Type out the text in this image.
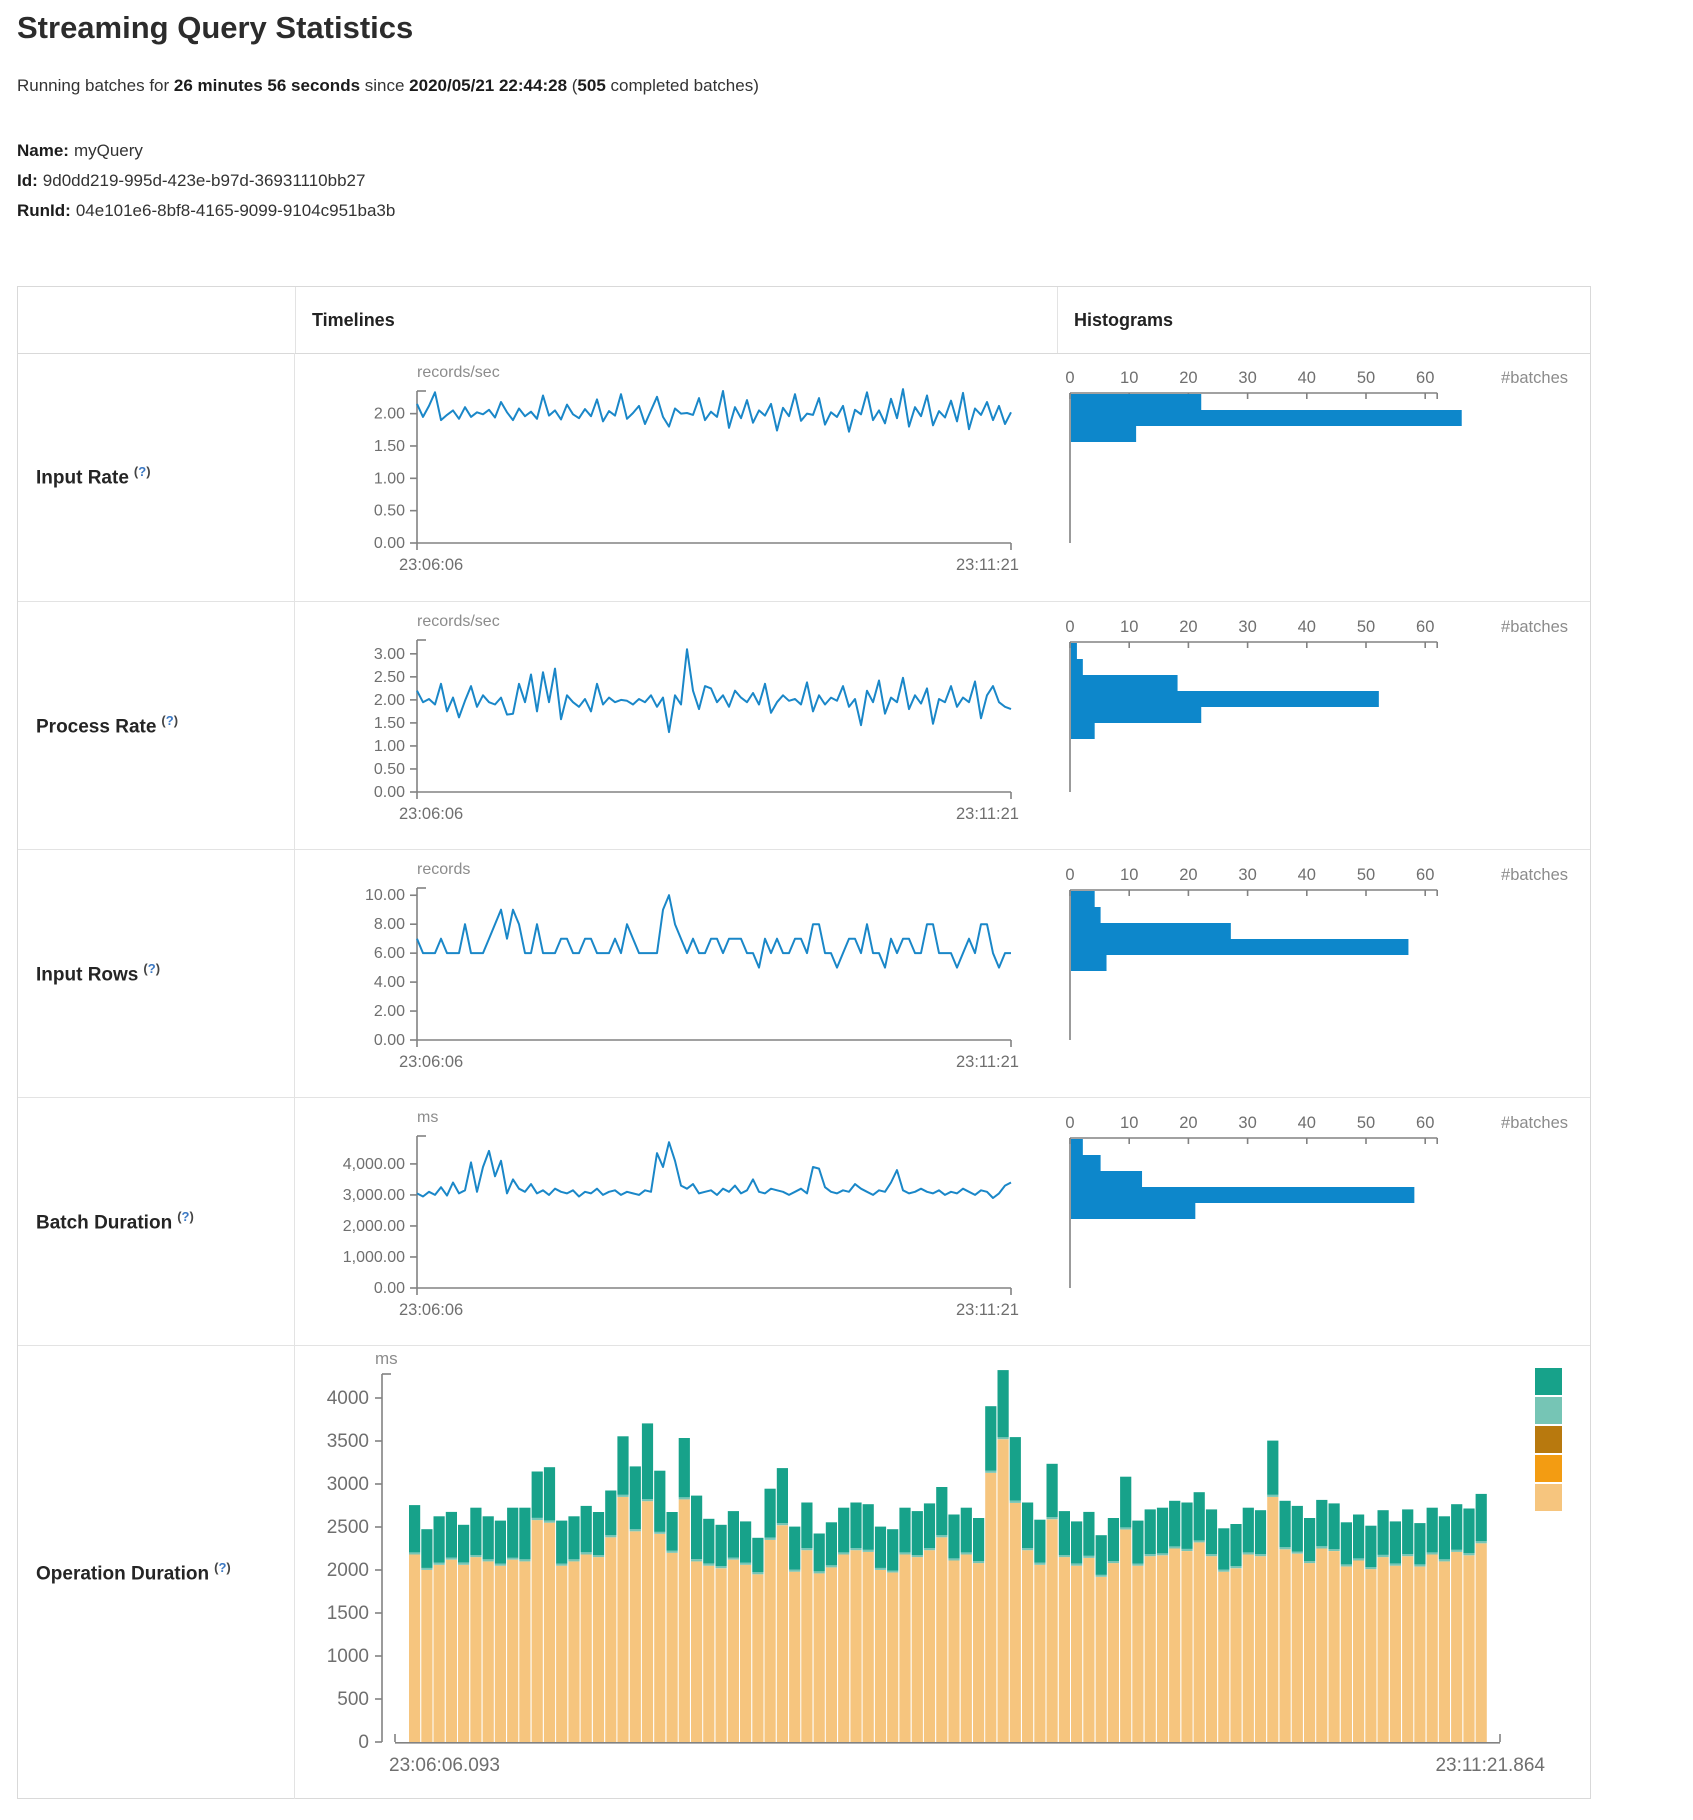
Streaming Query Statistics

Running batches for 26 minutes 56 seconds since 2020/05/21 22:44:28 (505 completed batches)

Name: myQuery
Id: 9d0dd219-995d-423e-b97d-36931110bb27
RunId: 04e101e6-8bf8-4165-9099-9104c951ba3b
Timelines	Histograms
Input Rate (?)
records/sec
2.00
1.50
1.00
0.50
0.00
23:06:06	23:11:21
0	10 20 30 40 50 60	#batches
Process Rate (?)
records/sec
3.00
2.50
2.00
1.50
1.00
0.50
0.00
23:06:06	23:11:21
0	10 20 30 40 50 60	#batches
Input Rows (?)
records
10.00
8.00
6.00
4.00
2.00
0.00
23:06:06	23:11:21
0	10 20 30 40 50 60	#batches
Batch Duration (?)
ms
4,000.00
3,000.00
2,000.00
1,000.00
0.00
23:06:06	23:11:21
0	10 20 30 40 50 60	#batches
Operation Duration (?)
ms
4000
3500
3000
2500
2000
1500
1000
500
0
23:06:06.093	23:11:21.864
